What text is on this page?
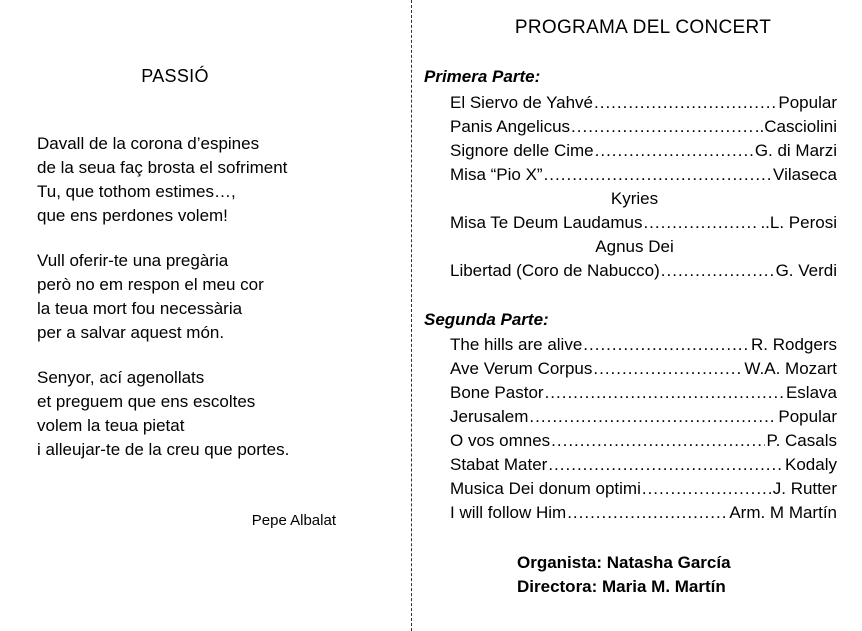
PASSIÓ
Davall de la corona d’espines
de la seua faç brosta el sofriment
Tu, que tothom estimes…,
que ens perdones volem!
Vull oferir-te una pregària
però no em respon el meu cor
la teua mort fou necessària
per a salvar aquest món.
Senyor, ací agenollats
et preguem que ens escoltes
volem la teua pietat
i alleujar-te de la creu que portes.
Pepe Albalat
PROGRAMA DEL CONCERT
Primera Parte:
El Siervo de Yahvé .....	Popular
Panis Angelicus .....	..Casciolini
Signore delle Cime .....	G. di Marzi
Misa “Pio X” .....	Vilaseca
Kyries
Misa Te Deum Laudamus .....	..L. Perosi
Agnus Dei
Libertad (Coro de Nabucco) .....	G. Verdi
Segunda Parte:
The hills are alive .....	R. Rodgers
Ave Verum Corpus .....	W.A. Mozart
Bone Pastor .....	Eslava
Jerusalem .....	Popular
O vos omnes .....	P. Casals
Stabat Mater .....	Kodaly
Musica Dei donum optimi .....	J. Rutter
I will follow Him .....	Arm. M Martín
Organista: Natasha García
Directora: Maria M. Martín
